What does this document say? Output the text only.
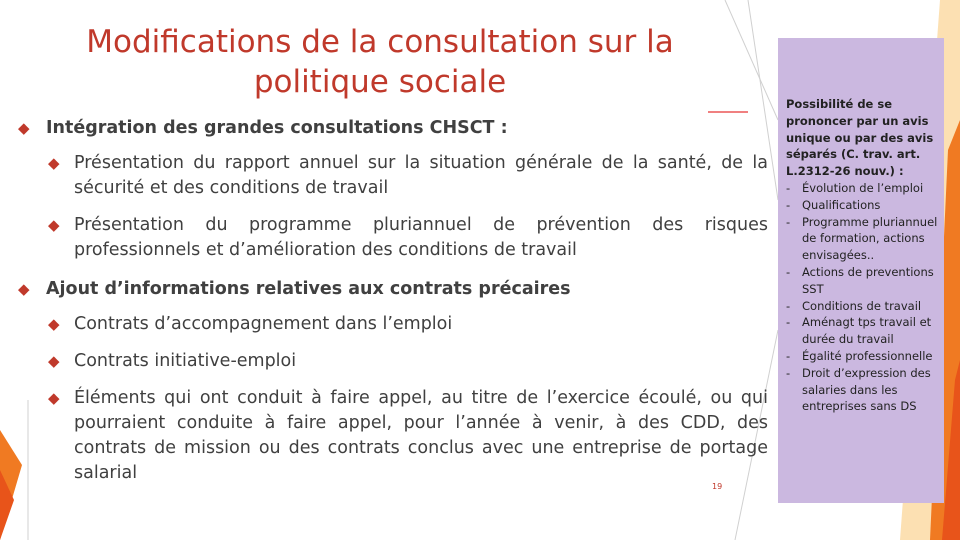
Modifications de la consultation sur la politique sociale

◆ Intégration des grandes consultations CHSCT :

◆ Présentation du rapport annuel sur la situation générale de la santé, de la sécurité et des conditions de travail

◆ Présentation du programme pluriannuel de prévention des risques professionnels et d’amélioration des conditions de travail

◆ Ajout d’informations relatives aux contrats précaires

◆ Contrats d’accompagnement dans l’emploi

◆ Contrats initiative-emploi

◆ Éléments qui ont conduit à faire appel, au titre de l’exercice écoulé, ou qui pourraient conduite à faire appel, pour l’année à venir, à des CDD, des contrats de mission ou des contrats conclus avec une entreprise de portage salarial

Possibilité de se prononcer par un avis unique ou par des avis séparés (C. trav. art. L.2312-26 nouv.) :

- Évolution de l’emploi
- Qualifications
- Programme pluriannuel de formation, actions envisagées..
- Actions de preventions SST
- Conditions de travail
- Aménagt tps travail et durée du travail
- Égalité professionnelle
- Droit d’expression des salaries dans les entreprises sans DS
19
